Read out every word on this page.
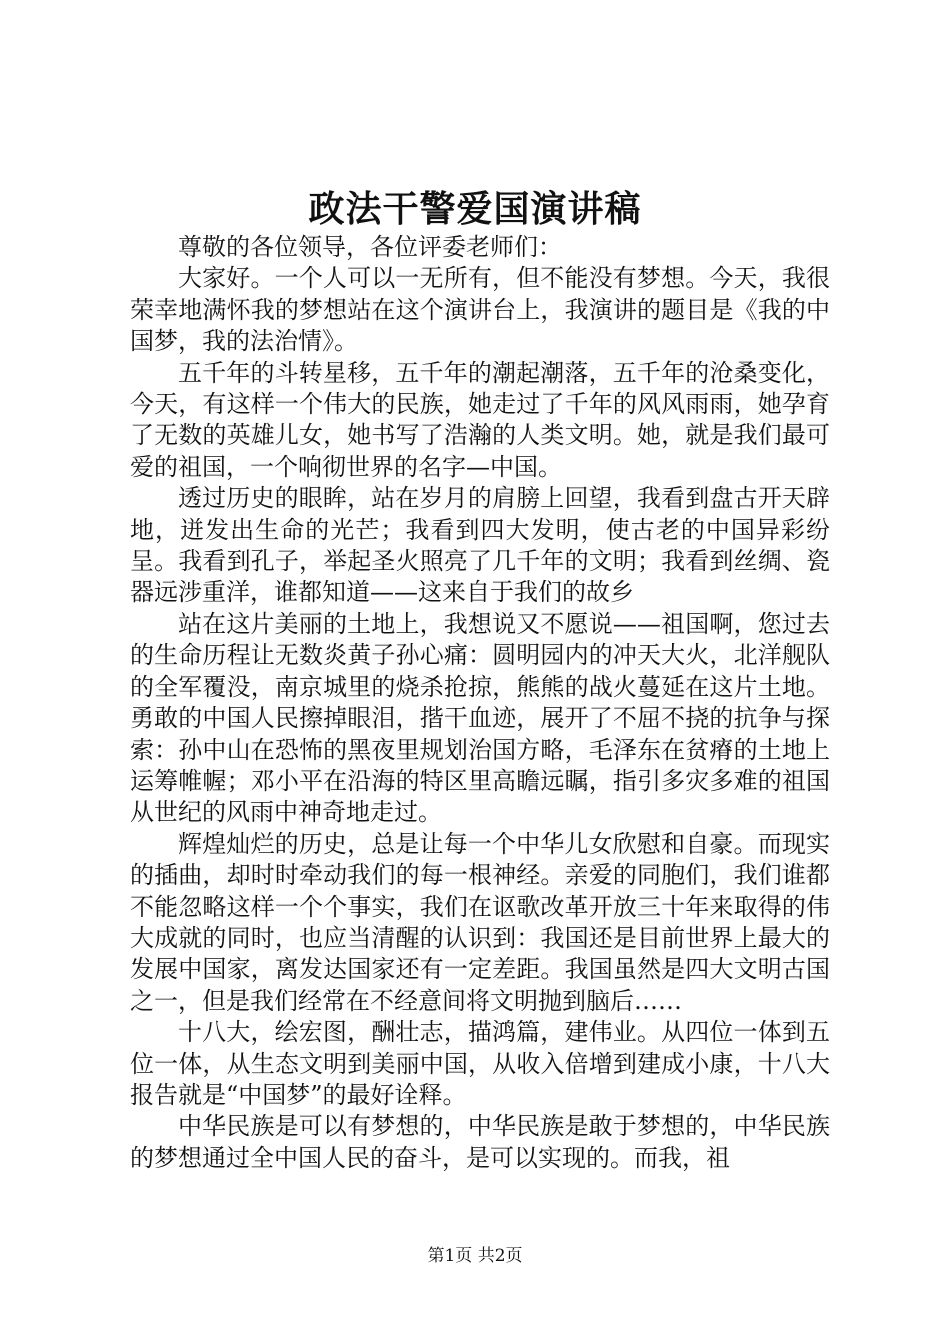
政法干警爱国演讲稿

尊敬的各位领导，各位评委老师们：

大家好。一个人可以一无所有，但不能没有梦想。今天，我很荣幸地满怀我的梦想站在这个演讲台上，我演讲的题目是《我的中国梦，我的法治情》。

五千年的斗转星移，五千年的潮起潮落，五千年的沧桑变化，今天，有这样一个伟大的民族，她走过了千年的风风雨雨，她孕育了无数的英雄儿女，她书写了浩瀚的人类文明。她，就是我们最可爱的祖国，一个响彻世界的名字—中国。

透过历史的眼眸，站在岁月的肩膀上回望，我看到盘古开天辟地，迸发出生命的光芒；我看到四大发明，使古老的中国异彩纷呈。我看到孔子，举起圣火照亮了几千年的文明；我看到丝绸、瓷器远涉重洋，谁都知道——这来自于我们的故乡

站在这片美丽的土地上，我想说又不愿说——祖国啊，您过去的生命历程让无数炎黄子孙心痛：圆明园内的冲天大火，北洋舰队的全军覆没，南京城里的烧杀抢掠，熊熊的战火蔓延在这片土地。勇敢的中国人民擦掉眼泪，揩干血迹，展开了不屈不挠的抗争与探索：孙中山在恐怖的黑夜里规划治国方略，毛泽东在贫瘠的土地上运筹帷幄；邓小平在沿海的特区里高瞻远瞩，指引多灾多难的祖国从世纪的风雨中神奇地走过。

辉煌灿烂的历史，总是让每一个中华儿女欣慰和自豪。而现实的插曲，却时时牵动我们的每一根神经。亲爱的同胞们，我们谁都不能忽略这样一个个事实，我们在讴歌改革开放三十年来取得的伟大成就的同时，也应当清醒的认识到：我国还是目前世界上最大的发展中国家，离发达国家还有一定差距。我国虽然是四大文明古国之一，但是我们经常在不经意间将文明抛到脑后……

十八大，绘宏图，酬壮志，描鸿篇，建伟业。从四位一体到五位一体，从生态文明到美丽中国，从收入倍增到建成小康，十八大报告就是“中国梦”的最好诠释。

中华民族是可以有梦想的，中华民族是敢于梦想的，中华民族的梦想通过全中国人民的奋斗，是可以实现的。而我，祖

第1页 共2页
